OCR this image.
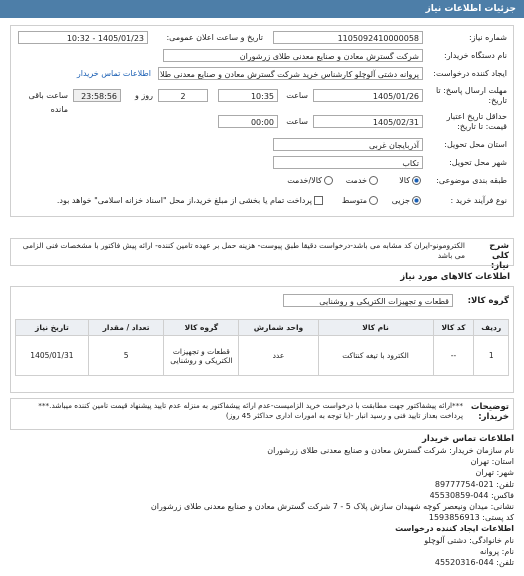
جزئیات اطلاعات نیاز
شماره نیاز:
1105092410000058
تاریخ و ساعت اعلان عمومی:
1405/01/23 - 10:32
نام دستگاه خریدار:
شرکت گسترش معادن و صنایع معدنی طلای زرشوران
ایجاد کننده درخواست:
پروانه دشتی آلوچلو کارشناس خرید شرکت گسترش معادن و صنایع معدنی طلا
اطلاعات تماس خریدار
مهلت ارسال پاسخ: تا تاریخ:
1405/01/26
ساعت
10:35
2
روز و
23:58:56
ساعت باقی مانده
حداقل تاریخ اعتبار قیمت: تا تاریخ:
1405/02/31
ساعت
00:00
استان محل تحویل:
آذربایجان غربی
شهر محل تحویل:
تکاب
طبقه بندی موضوعی:
کالا
خدمت
کالا/خدمت
نوع فرآیند خرید :
جزیی
متوسط
پرداخت تمام یا بخشی از مبلغ خرید،از محل "اسناد خزانه اسلامی" خواهد بود.
شرح کلی نیاز:
الکترومونو-ایران کد مشابه می باشد-درخواست دقیقا طبق پیوست- هزینه حمل بر عهده تامین کننده- ارائه پیش فاکتور با مشخصات فنی الزامی می باشد
اطلاعات کالاهای مورد نیاز
گروه کالا:
قطعات و تجهیزات الکتریکی و روشنایی
ردیف	کد کالا	نام کالا	واحد شمارش	گروه کالا	تعداد / مقدار	تاریخ نیاز
1	--	الکترود با تیغه کنتاکت	عدد	قطعات و تجهیزات الکتریکی و روشنایی	5	1405/01/31
توضیحات خریدار:
***ارائه پیشفاکتور جهت مطابقت با درخواست خرید الزامیست-عدم ارائه پیشفاکتور به منزله عدم تایید پیشنهاد قیمت تامین کننده میباشد.*** پرداخت بعداز تایید فنی و رسید انبار -(با توجه به امورات اداری حداکثر 45 روز)
اطلاعات تماس خریدار
نام سازمان خریدار: شرکت گسترش معادن و صنایع معدنی طلای زرشوران
استان: تهران
شهر: تهران
تلفن: 021-89777754
فاکس: 044-45530859
نشانی: میدان ونیعصر کوچه شهیدان سازش پلاک 5 - 7 شرکت گسترش معادن و صنایع معدنی طلای زرشوران
کد پستی: 1593856913
اطلاعات ایجاد کننده درخواست
نام خانوادگی: دشتی آلوچلو
نام: پروانه
تلفن: 044-45520316
